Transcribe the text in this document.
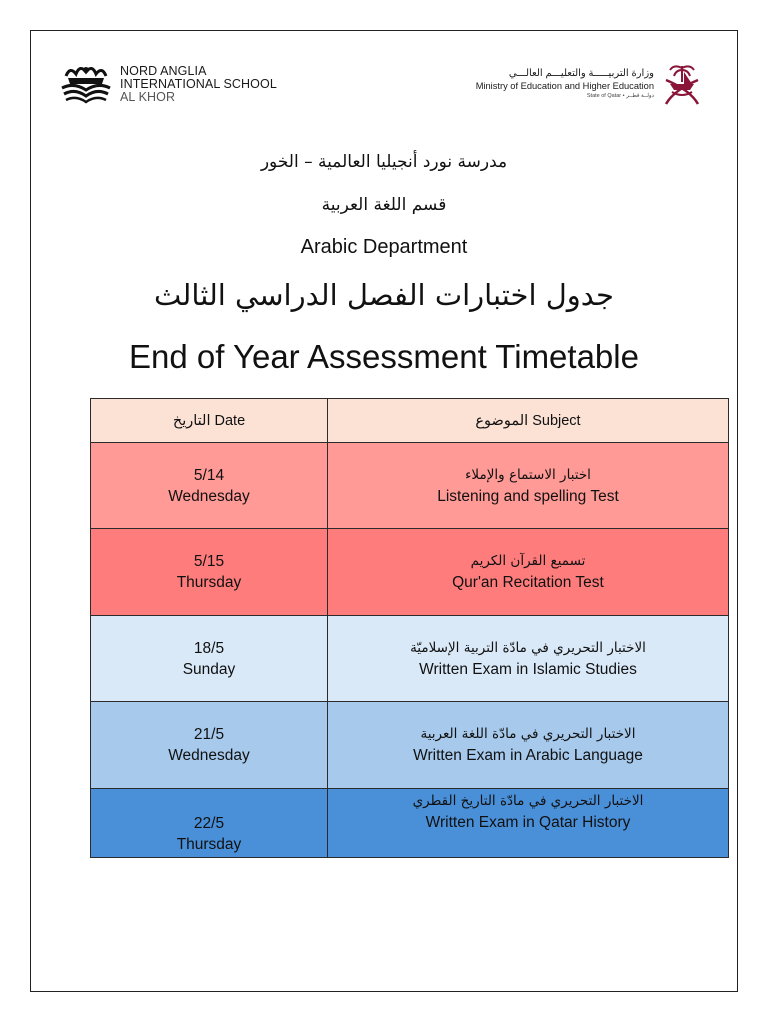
NORD ANGLIA
INTERNATIONAL SCHOOL
AL KHOR
وزارة التربيـــــة والتعليـــم العالـــي
Ministry of Education and Higher Education
State of Qatar • دولــة قطــر
مدرسة نورد أنجيليا العالمية – الخور
قسم اللغة العربية
Arabic Department
جدول اختبارات الفصل الدراسي الثالث
End of Year Assessment Timetable
التاريخ Date	الموضوع Subject

5/14
Wednesday	اختبار الاستماع والإملاء
Listening and spelling Test

5/15
Thursday	تسميع القرآن الكريم
Qur'an Recitation Test

18/5
Sunday	الاختبار التحريري في مادّة التربية الإسلاميّة
Written Exam in Islamic Studies

21/5
Wednesday	الاختبار التحريري في مادّة اللغة العربية
Written Exam in Arabic Language

22/5
Thursday	الاختبار التحريري في مادّة التاريخ القطري
Written Exam in Qatar History
